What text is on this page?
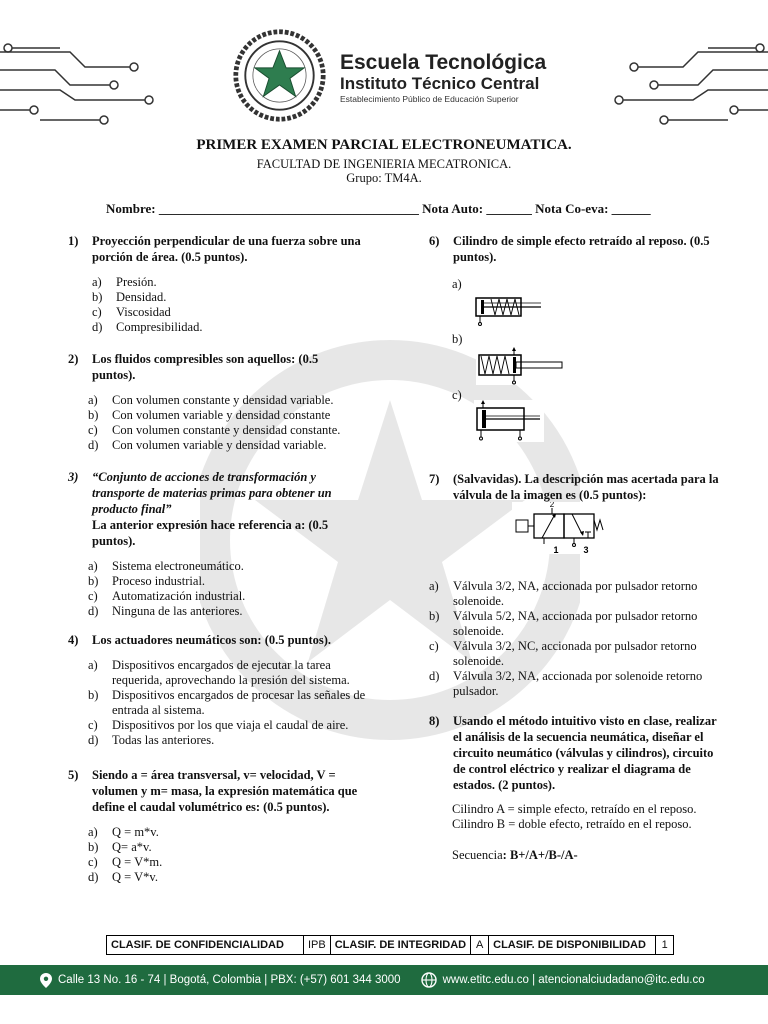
Escuela Tecnológica
Instituto Técnico Central
Establecimiento Público de Educación Superior
PRIMER EXAMEN PARCIAL ELECTRONEUMATICA.
FACULTAD DE INGENIERIA MECATRONICA.
Grupo: TM4A.
Nombre: ________________________________________ Nota Auto: _______ Nota Co-eva: ______
1) Proyección perpendicular de una fuerza sobre una porción de área. (0.5 puntos).
a) Presión.
b) Densidad.
c) Viscosidad
d) Compresibilidad.
2) Los fluidos compresibles son aquellos: (0.5 puntos).
a) Con volumen constante y densidad variable.
b) Con volumen variable y densidad constante
c) Con volumen constante y densidad constante.
d) Con volumen variable y densidad variable.
3) “Conjunto de acciones de transformación y transporte de materias primas para obtener un producto final”
La anterior expresión hace referencia a: (0.5 puntos).
a) Sistema electroneumático.
b) Proceso industrial.
c) Automatización industrial.
d) Ninguna de las anteriores.
4) Los actuadores neumáticos son: (0.5 puntos).
a) Dispositivos encargados de ejecutar la tarea requerida, aprovechando la presión del sistema.
b) Dispositivos encargados de procesar las señales de entrada al sistema.
c) Dispositivos por los que viaja el caudal de aire.
d) Todas las anteriores.
5) Siendo a = área transversal, v= velocidad, V = volumen y m= masa, la expresión matemática que define el caudal volumétrico es: (0.5 puntos).
a) Q = m*v.
b) Q= a*v.
c) Q = V*m.
d) Q = V*v.
6) Cilindro de simple efecto retraído al reposo. (0.5 puntos).
a)
b)
c)
7) (Salvavidas). La descripción mas acertada para la válvula de la imagen es (0.5 puntos):
2
1	3
a) Válvula 3/2, NA, accionada por pulsador retorno solenoide.
b) Válvula 5/2, NA, accionada por pulsador retorno solenoide.
c) Válvula 3/2, NC, accionada por pulsador retorno solenoide.
d) Válvula 3/2, NA, accionada por solenoide retorno pulsador.
8) Usando el método intuitivo visto en clase, realizar el análisis de la secuencia neumática, diseñar el circuito neumático (válvulas y cilindros), circuito de control eléctrico y realizar el diagrama de estados. (2 puntos).
Cilindro A = simple efecto, retraído en el reposo.
Cilindro B = doble efecto, retraído en el reposo.
Secuencia: B+/A+/B-/A-
CLASIF. DE CONFIDENCIALIDAD	IPB	CLASIF. DE INTEGRIDAD	A	CLASIF. DE DISPONIBILIDAD	1
Calle 13 No. 16 - 74 | Bogotá, Colombia | PBX: (+57) 601 344 3000	www.etitc.edu.co | atencionalciudadano@itc.edu.co
